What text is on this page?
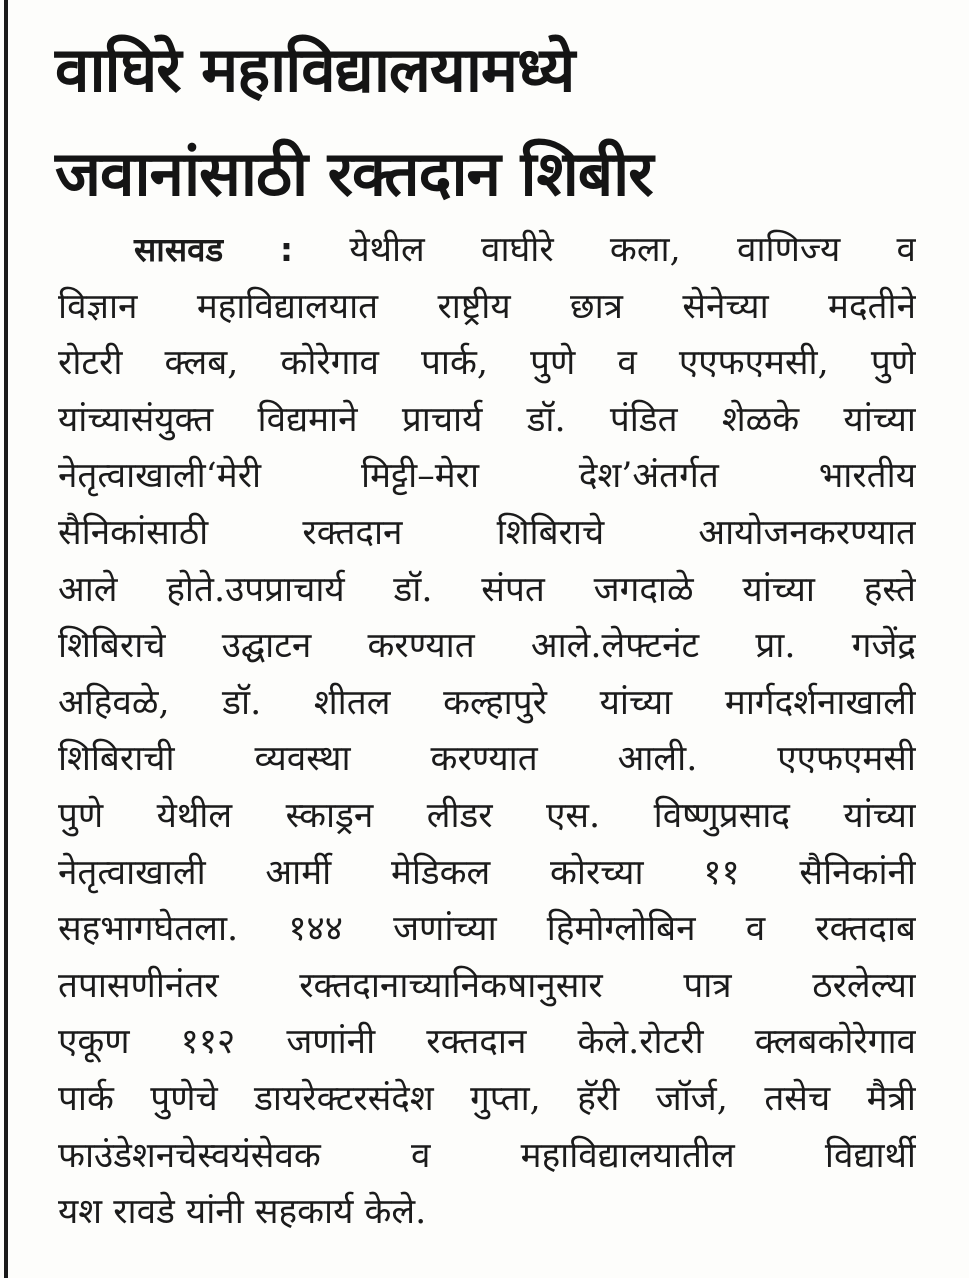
वाघिरे महाविद्यालयामध्ये
जवानांसाठी रक्तदान शिबीर
सासवड : येथील वाघीरे कला, वाणिज्य व
विज्ञान महाविद्यालयात राष्ट्रीय छात्र सेनेच्या मदतीने
रोटरी क्लब, कोरेगाव पार्क, पुणे व एएफएमसी, पुणे
यांच्यासंयुक्त विद्यमाने प्राचार्य डॉ. पंडित शेळके यांच्या
नेतृत्वाखाली‘मेरी मिट्टी–मेरा देश’अंतर्गत भारतीय
सैनिकांसाठी रक्तदान शिबिराचे आयोजनकरण्यात
आले होते.उपप्राचार्य डॉ. संपत जगदाळे यांच्या हस्ते
शिबिराचे उद्घाटन करण्यात आले.लेफ्टनंट प्रा. गजेंद्र
अहिवळे, डॉ. शीतल कल्हापुरे यांच्या मार्गदर्शनाखाली
शिबिराची व्यवस्था करण्यात आली. एएफएमसी
पुणे येथील स्काड्रन लीडर एस. विष्णुप्रसाद यांच्या
नेतृत्वाखाली आर्मी मेडिकल कोरच्या ११ सैनिकांनी
सहभागघेतला. १४४ जणांच्या हिमोग्लोबिन व रक्तदाब
तपासणीनंतर रक्तदानाच्यानिकषानुसार पात्र ठरलेल्या
एकूण ११२ जणांनी रक्तदान केले.रोटरी क्लबकोरेगाव
पार्क पुणेचे डायरेक्टरसंदेश गुप्ता, हॅरी जॉर्ज, तसेच मैत्री
फाउंडेशनचेस्वयंसेवक व महाविद्यालयातील विद्यार्थी
यश रावडे यांनी सहकार्य केले.
